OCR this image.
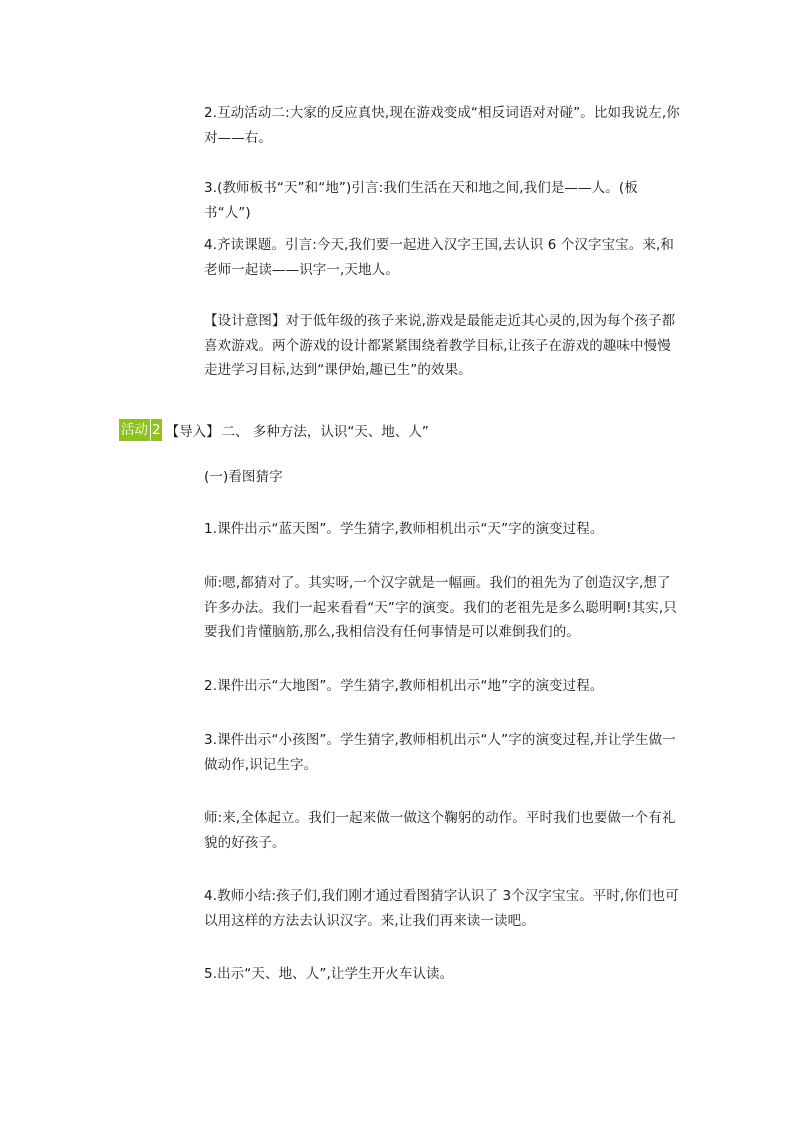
2.互动活动二:大家的反应真快,现在游戏变成“相反词语对对碰”。比如我说左,你对——右。

3.(教师板书“天”和“地”)引言:我们生活在天和地之间,我们是——人。(板书“人”)

4.齐读课题。引言:今天,我们要一起进入汉字王国,去认识 6 个汉字宝宝。来,和老师一起读——识字一,天地人。

【设计意图】对于低年级的孩子来说,游戏是最能走近其心灵的,因为每个孩子都喜欢游戏。两个游戏的设计都紧紧围绕着教学目标,让孩子在游戏的趣味中慢慢走进学习目标,达到“课伊始,趣已生”的效果。

活动 2 【导入】 二、 多种方法，认识“天、地、人”

(一)看图猜字

1.课件出示“蓝天图”。学生猜字,教师相机出示“天”字的演变过程。

师:嗯,都猜对了。其实呀,一个汉字就是一幅画。我们的祖先为了创造汉字,想了许多办法。我们一起来看看“天”字的演变。我们的老祖先是多么聪明啊!其实,只要我们肯懂脑筋,那么,我相信没有任何事情是可以难倒我们的。

2.课件出示“大地图”。学生猜字,教师相机出示“地”字的演变过程。

3.课件出示“小孩图”。学生猜字,教师相机出示“人”字的演变过程,并让学生做一做动作,识记生字。

师:来,全体起立。我们一起来做一做这个鞠躬的动作。平时我们也要做一个有礼貌的好孩子。

4.教师小结:孩子们,我们刚才通过看图猜字认识了 3个汉字宝宝。平时,你们也可以用这样的方法去认识汉字。来,让我们再来读一读吧。

5.出示“天、地、人”,让学生开火车认读。
